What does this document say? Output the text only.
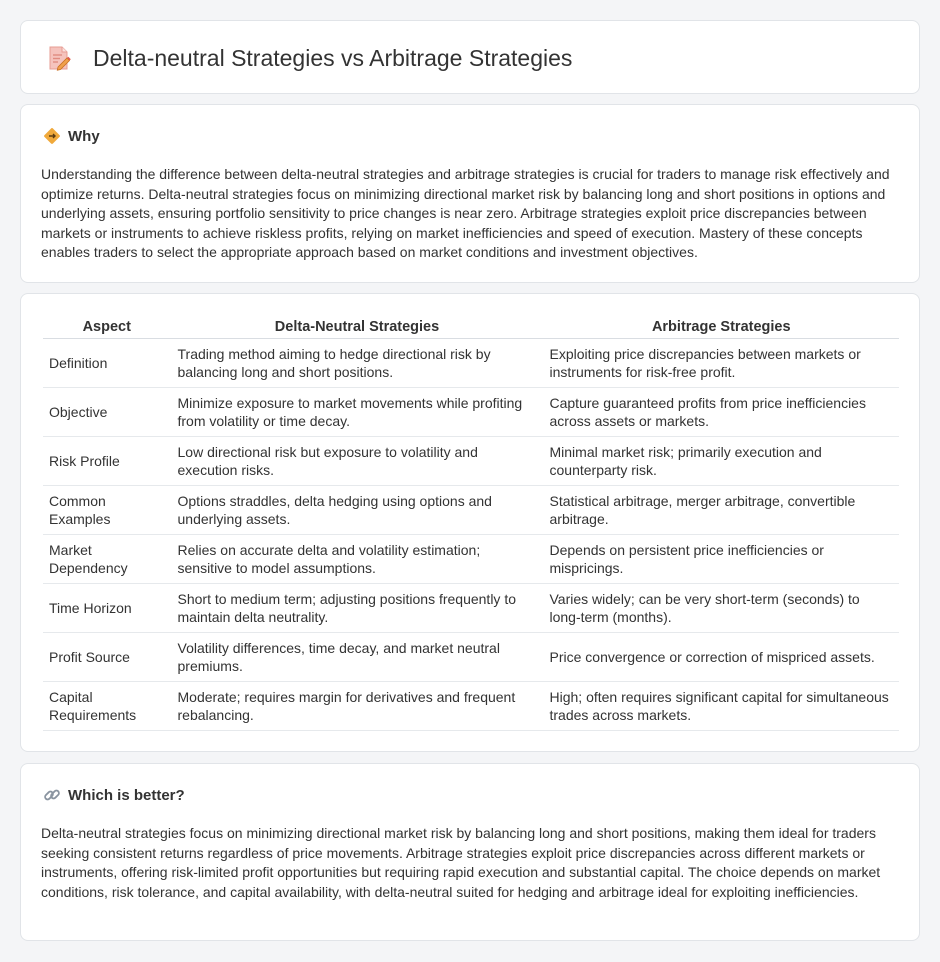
Delta-neutral Strategies vs Arbitrage Strategies
Why

Understanding the difference between delta-neutral strategies and arbitrage strategies is crucial for traders to manage risk effectively and optimize returns. Delta-neutral strategies focus on minimizing directional market risk by balancing long and short positions in options and underlying assets, ensuring portfolio sensitivity to price changes is near zero. Arbitrage strategies exploit price discrepancies between markets or instruments to achieve riskless profits, relying on market inefficiencies and speed of execution. Mastery of these concepts enables traders to select the appropriate approach based on market conditions and investment objectives.

Aspect	Delta-Neutral Strategies	Arbitrage Strategies
Definition	Trading method aiming to hedge directional risk by balancing long and short positions.	Exploiting price discrepancies between markets or instruments for risk-free profit.
Objective	Minimize exposure to market movements while profiting from volatility or time decay.	Capture guaranteed profits from price inefficiencies across assets or markets.
Risk Profile	Low directional risk but exposure to volatility and execution risks.	Minimal market risk; primarily execution and counterparty risk.
Common Examples	Options straddles, delta hedging using options and underlying assets.	Statistical arbitrage, merger arbitrage, convertible arbitrage.
Market Dependency	Relies on accurate delta and volatility estimation; sensitive to model assumptions.	Depends on persistent price inefficiencies or mispricings.
Time Horizon	Short to medium term; adjusting positions frequently to maintain delta neutrality.	Varies widely; can be very short-term (seconds) to long-term (months).
Profit Source	Volatility differences, time decay, and market neutral premiums.	Price convergence or correction of mispriced assets.
Capital Requirements	Moderate; requires margin for derivatives and frequent rebalancing.	High; often requires significant capital for simultaneous trades across markets.
Which is better?

Delta-neutral strategies focus on minimizing directional market risk by balancing long and short positions, making them ideal for traders seeking consistent returns regardless of price movements. Arbitrage strategies exploit price discrepancies across different markets or instruments, offering risk-limited profit opportunities but requiring rapid execution and substantial capital. The choice depends on market conditions, risk tolerance, and capital availability, with delta-neutral suited for hedging and arbitrage ideal for exploiting inefficiencies.
